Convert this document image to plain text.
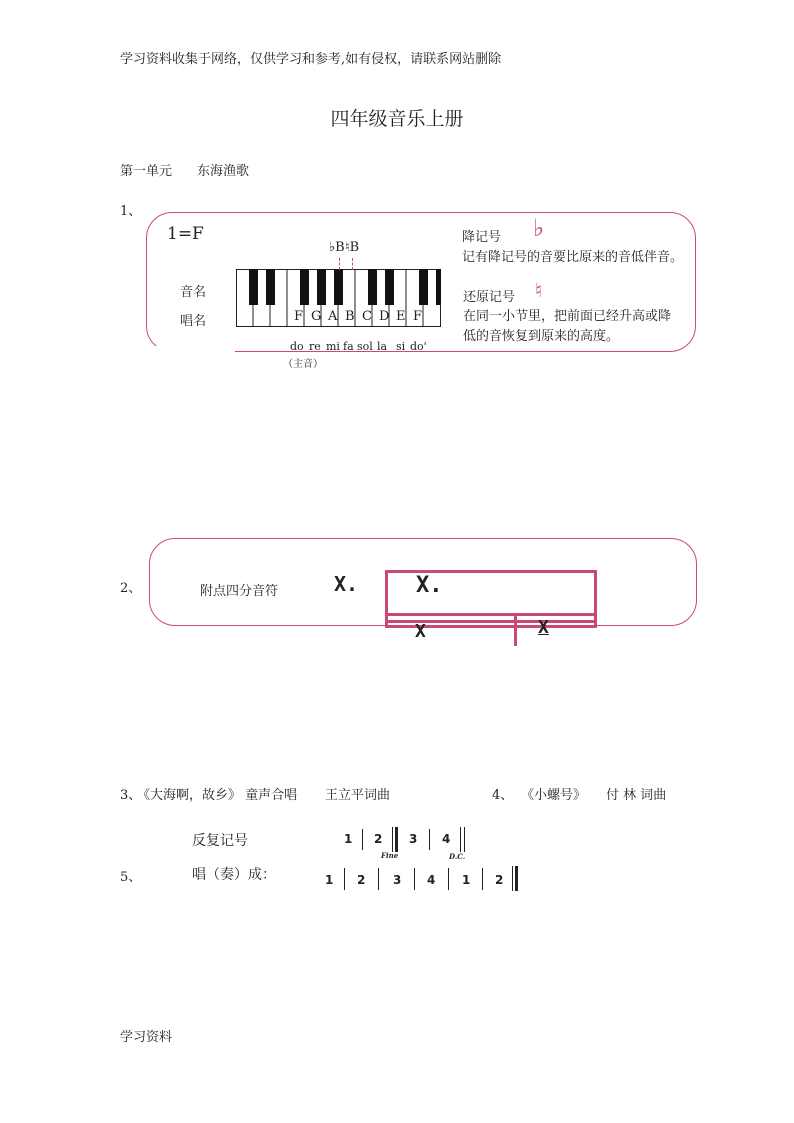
学习资料收集于网络，仅供学习和参考,如有侵权，请联系网站删除
四年级音乐上册
第一单元 东海渔歌
1、
1=F
♭B ♮B
音名
唱名	F G A B C D E F
do re mi fa sol la si do'
（主音）
降记号 ♭
记有降记号的音要比原来的音低伴音。
还原记号 ♮
在同一小节里，把前面已经升高或降
低的音恢复到原来的高度。
2、	附点四分音符	X.	X.
X	X
3、
《大海啊，故乡》 童声合唱 王立平词曲	4、 《小螺号》 付 林 词曲
反复记号
5、	唱（奏）成：
1 2
Fine
3 4
D.C.
1 2 3 4 1 2
学习资料
